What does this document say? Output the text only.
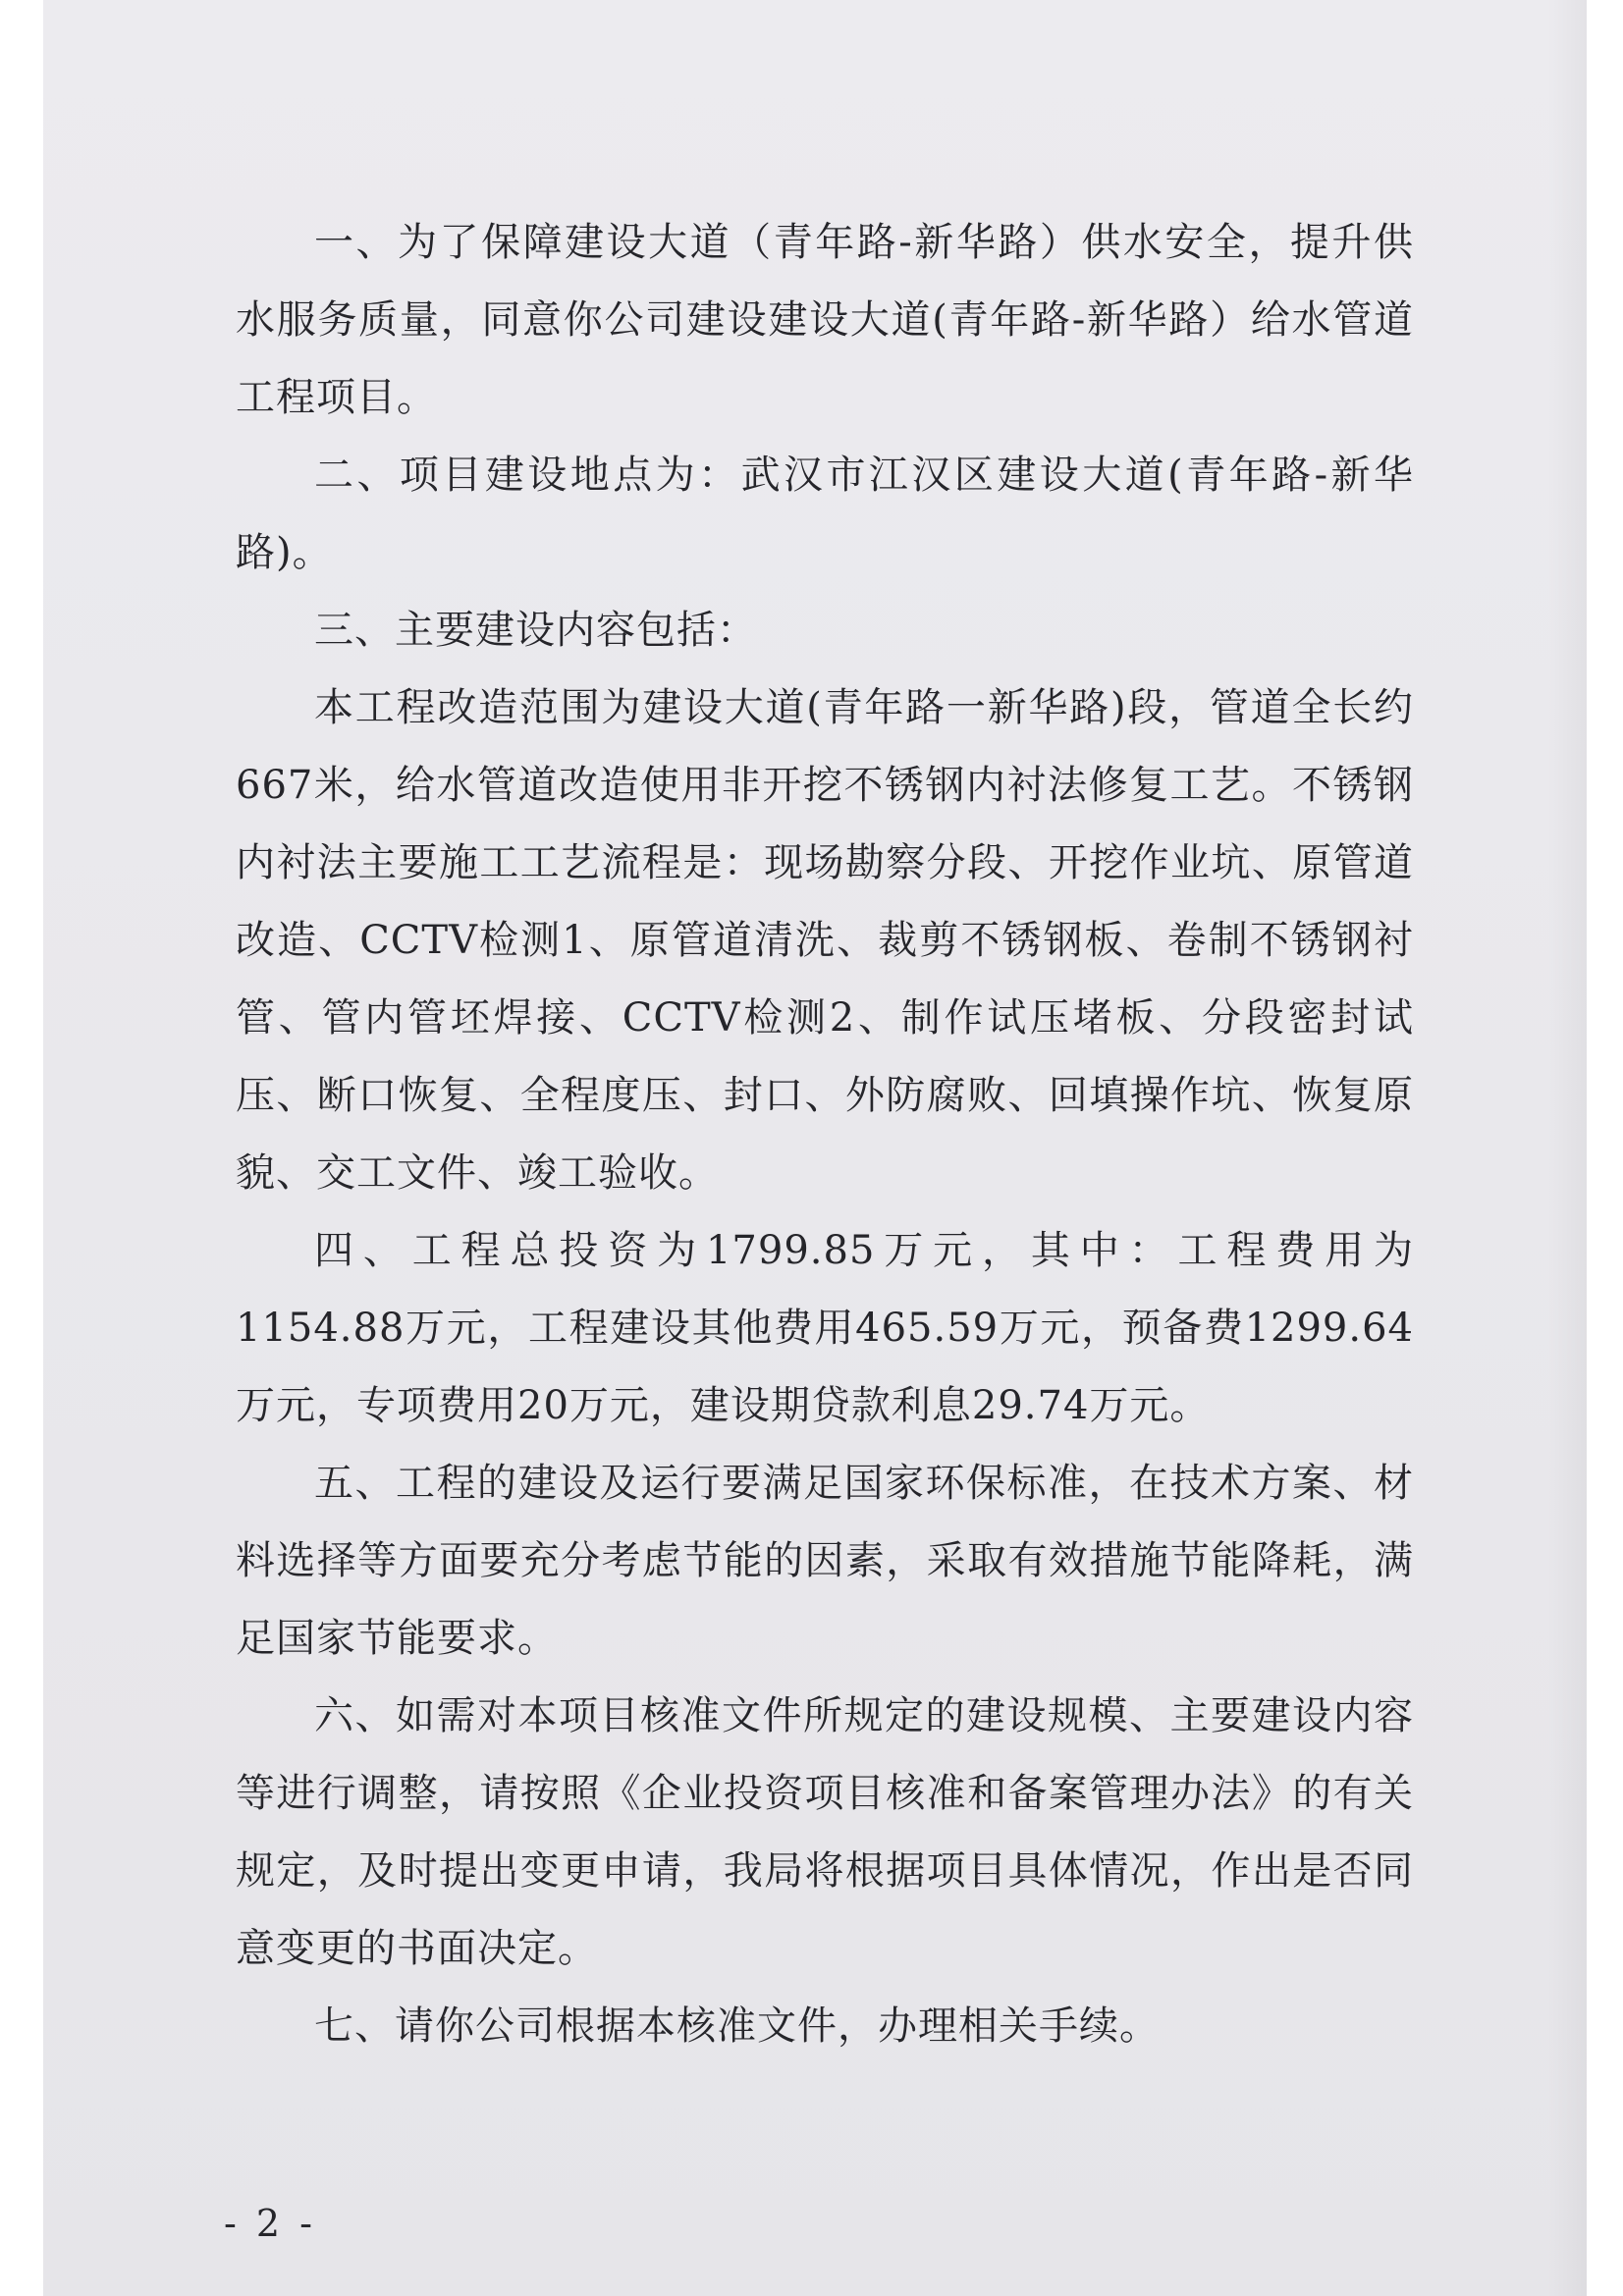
一、为了保障建设大道（青年路-新华路）供水安全，提升供水服务质量，同意你公司建设建设大道(青年路-新华路）给水管道工程项目。

二、项目建设地点为：武汉市江汉区建设大道(青年路-新华路)。

三、主要建设内容包括：

本工程改造范围为建设大道(青年路一新华路)段，管道全长约667米，给水管道改造使用非开挖不锈钢内衬法修复工艺。不锈钢内衬法主要施工工艺流程是：现场勘察分段、开挖作业坑、原管道改造、CCTV检测1、原管道清洗、裁剪不锈钢板、卷制不锈钢衬管、管内管坯焊接、CCTV检测2、制作试压堵板、分段密封试压、断口恢复、全程度压、封口、外防腐败、回填操作坑、恢复原貌、交工文件、竣工验收。

四、工程总投资为1799.85万元，其中：工程费用为1154.88万元，工程建设其他费用465.59万元，预备费1299.64万元，专项费用20万元，建设期贷款利息29.74万元。

五、工程的建设及运行要满足国家环保标准，在技术方案、材料选择等方面要充分考虑节能的因素，采取有效措施节能降耗，满足国家节能要求。

六、如需对本项目核准文件所规定的建设规模、主要建设内容等进行调整，请按照《企业投资项目核准和备案管理办法》的有关规定，及时提出变更申请，我局将根据项目具体情况，作出是否同意变更的书面决定。

七、请你公司根据本核准文件，办理相关手续。

- 2 -
